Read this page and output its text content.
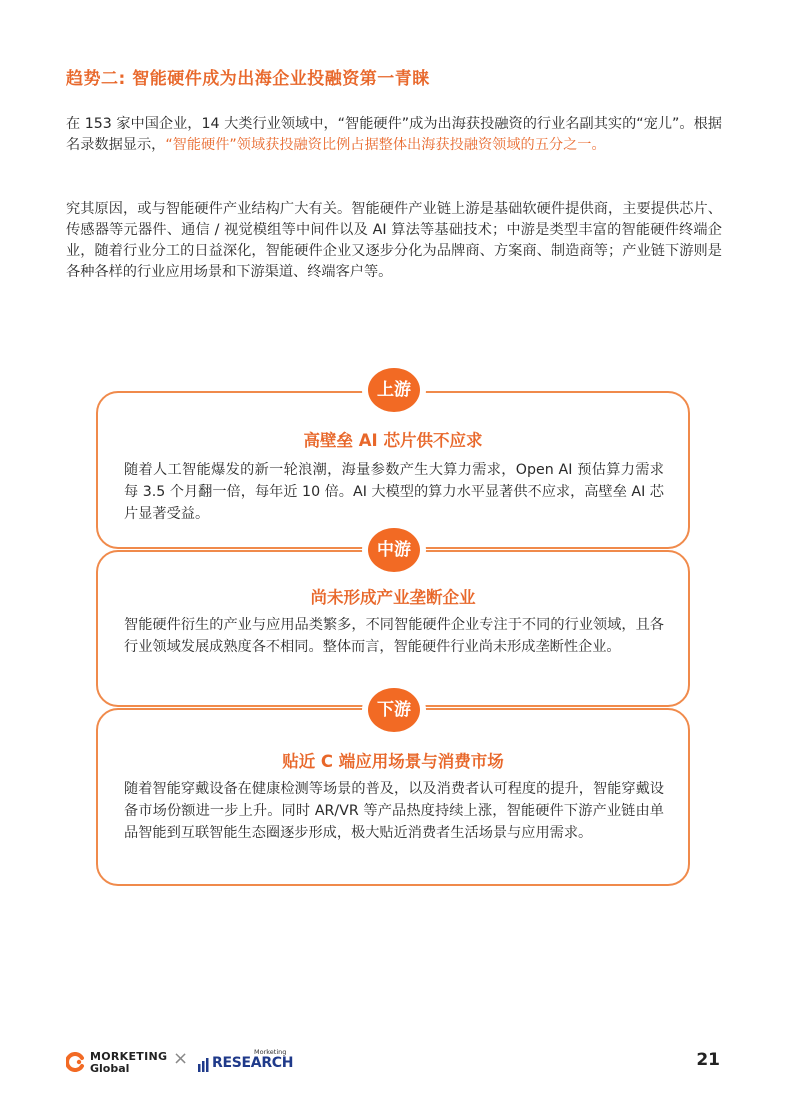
趋势二: 智能硬件成为出海企业投融资第一青睐
在 153 家中国企业，14 大类行业领域中，“智能硬件”成为出海获投融资的行业名副其实的“宠儿”。根据名录数据显示，“智能硬件”领域获投融资比例占据整体出海获投融资领域的五分之一。
究其原因，或与智能硬件产业结构广大有关。智能硬件产业链上游是基础软硬件提供商，主要提供芯片、传感器等元器件、通信 / 视觉模组等中间件以及 AI 算法等基础技术；中游是类型丰富的智能硬件终端企业，随着行业分工的日益深化，智能硬件企业又逐步分化为品牌商、方案商、制造商等；产业链下游则是各种各样的行业应用场景和下游渠道、终端客户等。
上游
高壁垒 AI 芯片供不应求
随着人工智能爆发的新一轮浪潮，海量参数产生大算力需求，Open AI 预估算力需求每 3.5 个月翻一倍，每年近 10 倍。AI 大模型的算力水平显著供不应求，高壁垒 AI 芯片显著受益。
中游
尚未形成产业垄断企业
智能硬件衍生的产业与应用品类繁多，不同智能硬件企业专注于不同的行业领域，且各行业领域发展成熟度各不相同。整体而言，智能硬件行业尚未形成垄断性企业。
下游
贴近 C 端应用场景与消费市场
随着智能穿戴设备在健康检测等场景的普及，以及消费者认可程度的提升，智能穿戴设备市场份额进一步上升。同时 AR/VR 等产品热度持续上涨，智能硬件下游产业链由单品智能到互联智能生态圈逐步形成，极大贴近消费者生活场景与应用需求。
MORKETING
Global ×	Morketing
RESEARCH	21
